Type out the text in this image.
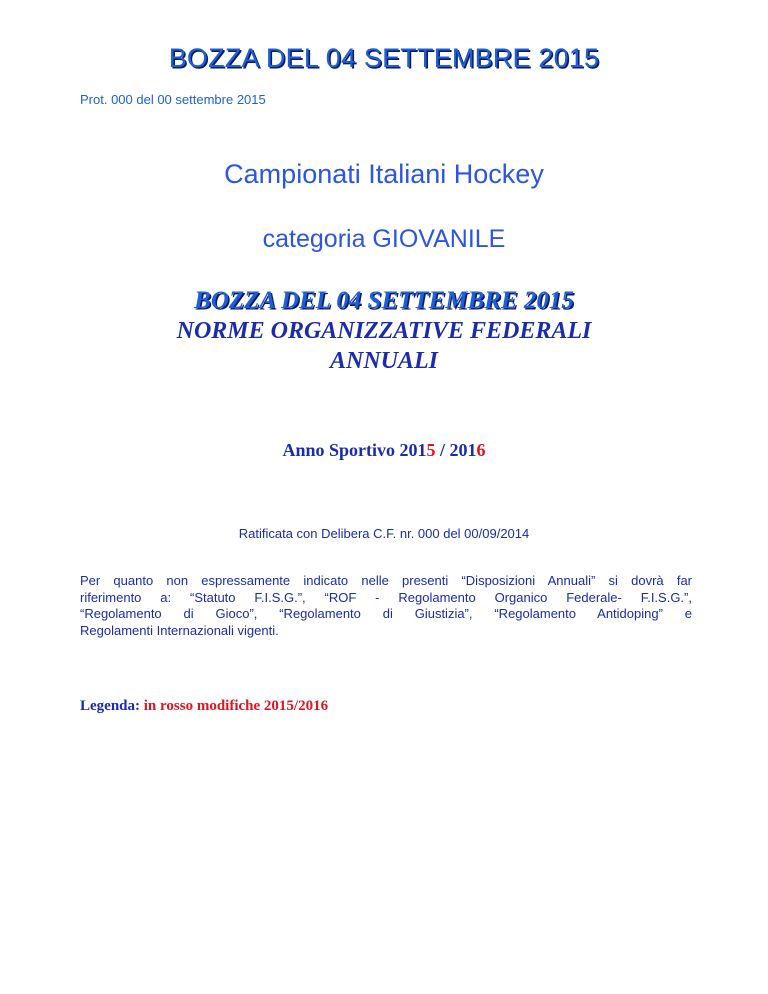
BOZZA DEL 04 SETTEMBRE 2015
Prot. 000 del 00 settembre 2015
Campionati Italiani Hockey
categoria GIOVANILE
BOZZA DEL 04 SETTEMBRE 2015
NORME ORGANIZZATIVE FEDERALI
ANNUALI
Anno Sportivo 2015 / 2016
Ratificata con Delibera C.F. nr. 000 del 00/09/2014
Per quanto non espressamente indicato nelle presenti “Disposizioni Annuali” si dovrà far
riferimento a: “Statuto F.I.S.G.”, “ROF - Regolamento Organico Federale- F.I.S.G.”,
“Regolamento di Gioco”, “Regolamento di Giustizia”, “Regolamento Antidoping” e
Regolamenti Internazionali vigenti.
Legenda: in rosso modifiche 2015/2016
